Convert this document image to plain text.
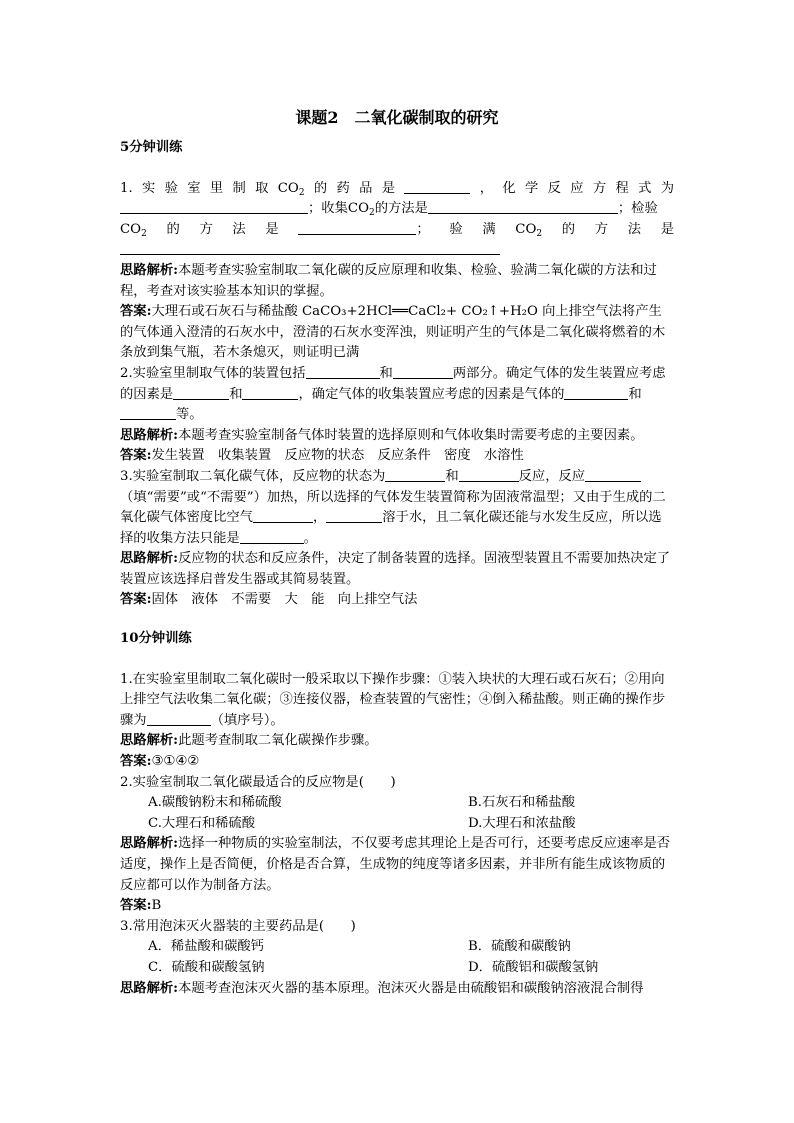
课题2　二氧化碳制取的研究
5分钟训练

1.实验室里制取$CO_2$的药品是	，化学反应方程式为

；收集$CO_2$的方法是	；检验

$CO_2$的方法是	；验满$CO_2$的方法是

思路解析:本题考查实验室制取二氧化碳的反应原理和收集、检验、验满二氧化碳的方法和过程，考查对该实验基本知识的掌握。

答案:大理石或石灰石与稀盐酸 CaCO₃+2HCl══CaCl₂+ CO₂↑+H₂O 向上排空气法将产生的气体通入澄清的石灰水中，澄清的石灰水变浑浊，则证明产生的气体是二氧化碳将燃着的木条放到集气瓶，若木条熄灭，则证明已满

2.实验室里制取气体的装置包括	和	两部分。确定气体的发生装置应考虑的因素是	和	，确定气体的收集装置应考虑的因素是气体的	和等。

思路解析:本题考查实验室制备气体时装置的选择原则和气体收集时需要考虑的主要因素。

答案:发生装置　收集装置　反应物的状态　反应条件　密度　水溶性

3.实验室制取二氧化碳气体，反应物的状态为	和	反应，反应（填“需要”或“不需要”）加热，所以选择的气体发生装置简称为固液常温型；又由于生成的二氧化碳气体密度比空气	，	溶于水，且二氧化碳还能与水发生反应，所以选择的收集方法只能是	。

思路解析:反应物的状态和反应条件，决定了制备装置的选择。固液型装置且不需要加热决定了装置应该选择启普发生器或其简易装置。

答案:固体　液体　不需要　大　能　向上排空气法

10分钟训练

1.在实验室里制取二氧化碳时一般采取以下操作步骤：①装入块状的大理石或石灰石；②用向上排空气法收集二氧化碳；③连接仪器，检查装置的气密性；④倒入稀盐酸。则正确的操作步骤为	（填序号）。

思路解析:此题考查制取二氧化碳操作步骤。

答案:③①④②

2.实验室制取二氧化碳最适合的反应物是(　　)

A.碳酸钠粉末和稀硫酸	B.石灰石和稀盐酸
C.大理石和稀硫酸	D.大理石和浓盐酸

思路解析:选择一种物质的实验室制法，不仅要考虑其理论上是否可行，还要考虑反应速率是否适度，操作上是否简便，价格是否合算，生成物的纯度等诸多因素，并非所有能生成该物质的反应都可以作为制备方法。

答案:B

3.常用泡沫灭火器装的主要药品是(　　)

A．稀盐酸和碳酸钙	B．硫酸和碳酸钠
C．硫酸和碳酸氢钠	D．硫酸铝和碳酸氢钠

思路解析:本题考查泡沫灭火器的基本原理。泡沫灭火器是由硫酸铝和碳酸钠溶液混合制得
